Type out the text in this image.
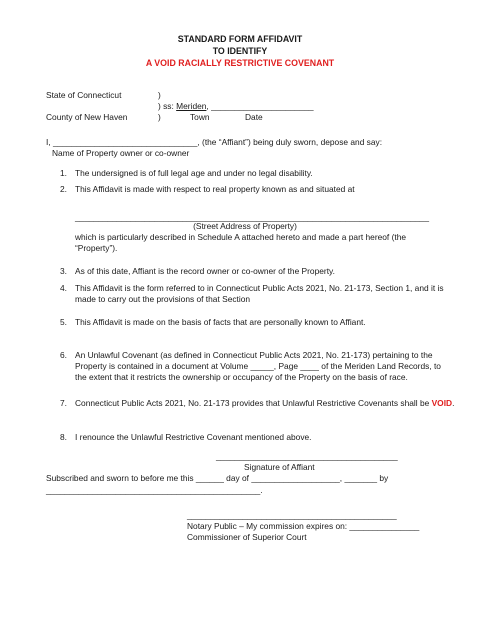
STANDARD FORM AFFIDAVIT
TO IDENTIFY
A VOID RACIALLY RESTRICTIVE COVENANT
State of Connecticut	)
) ss: Meriden, ______________________
County of New Haven	)	Town	Date
I, _______________________________, (the “Affiant”) being duly sworn, depose and say:
Name of Property owner or co-owner
1. The undersigned is of full legal age and under no legal disability.
2. This Affidavit is made with respect to real property known as and situated at
____________________________________________________________________________
(Street Address of Property)
which is particularly described in Schedule A attached hereto and made a part hereof (the “Property”).
3. As of this date, Affiant is the record owner or co-owner of the Property.
4. This Affidavit is the form referred to in Connecticut Public Acts 2021, No. 21-173, Section 1, and it is made to carry out the provisions of that Section
5. This Affidavit is made on the basis of facts that are personally known to Affiant.
6. An Unlawful Covenant (as defined in Connecticut Public Acts 2021, No. 21-173) pertaining to the Property is contained in a document at Volume _____, Page ____ of the Meriden Land Records, to the extent that it restricts the ownership or occupancy of the Property on the basis of race.
7. Connecticut Public Acts 2021, No. 21-173 provides that Unlawful Restrictive Covenants shall be VOID.
8. I renounce the Unlawful Restrictive Covenant mentioned above.
_______________________________________
Signature of Affiant
Subscribed and sworn to before me this ______ day of ___________________, _______ by
______________________________________________.
_____________________________________________
Notary Public – My commission expires on: _______________
Commissioner of Superior Court
